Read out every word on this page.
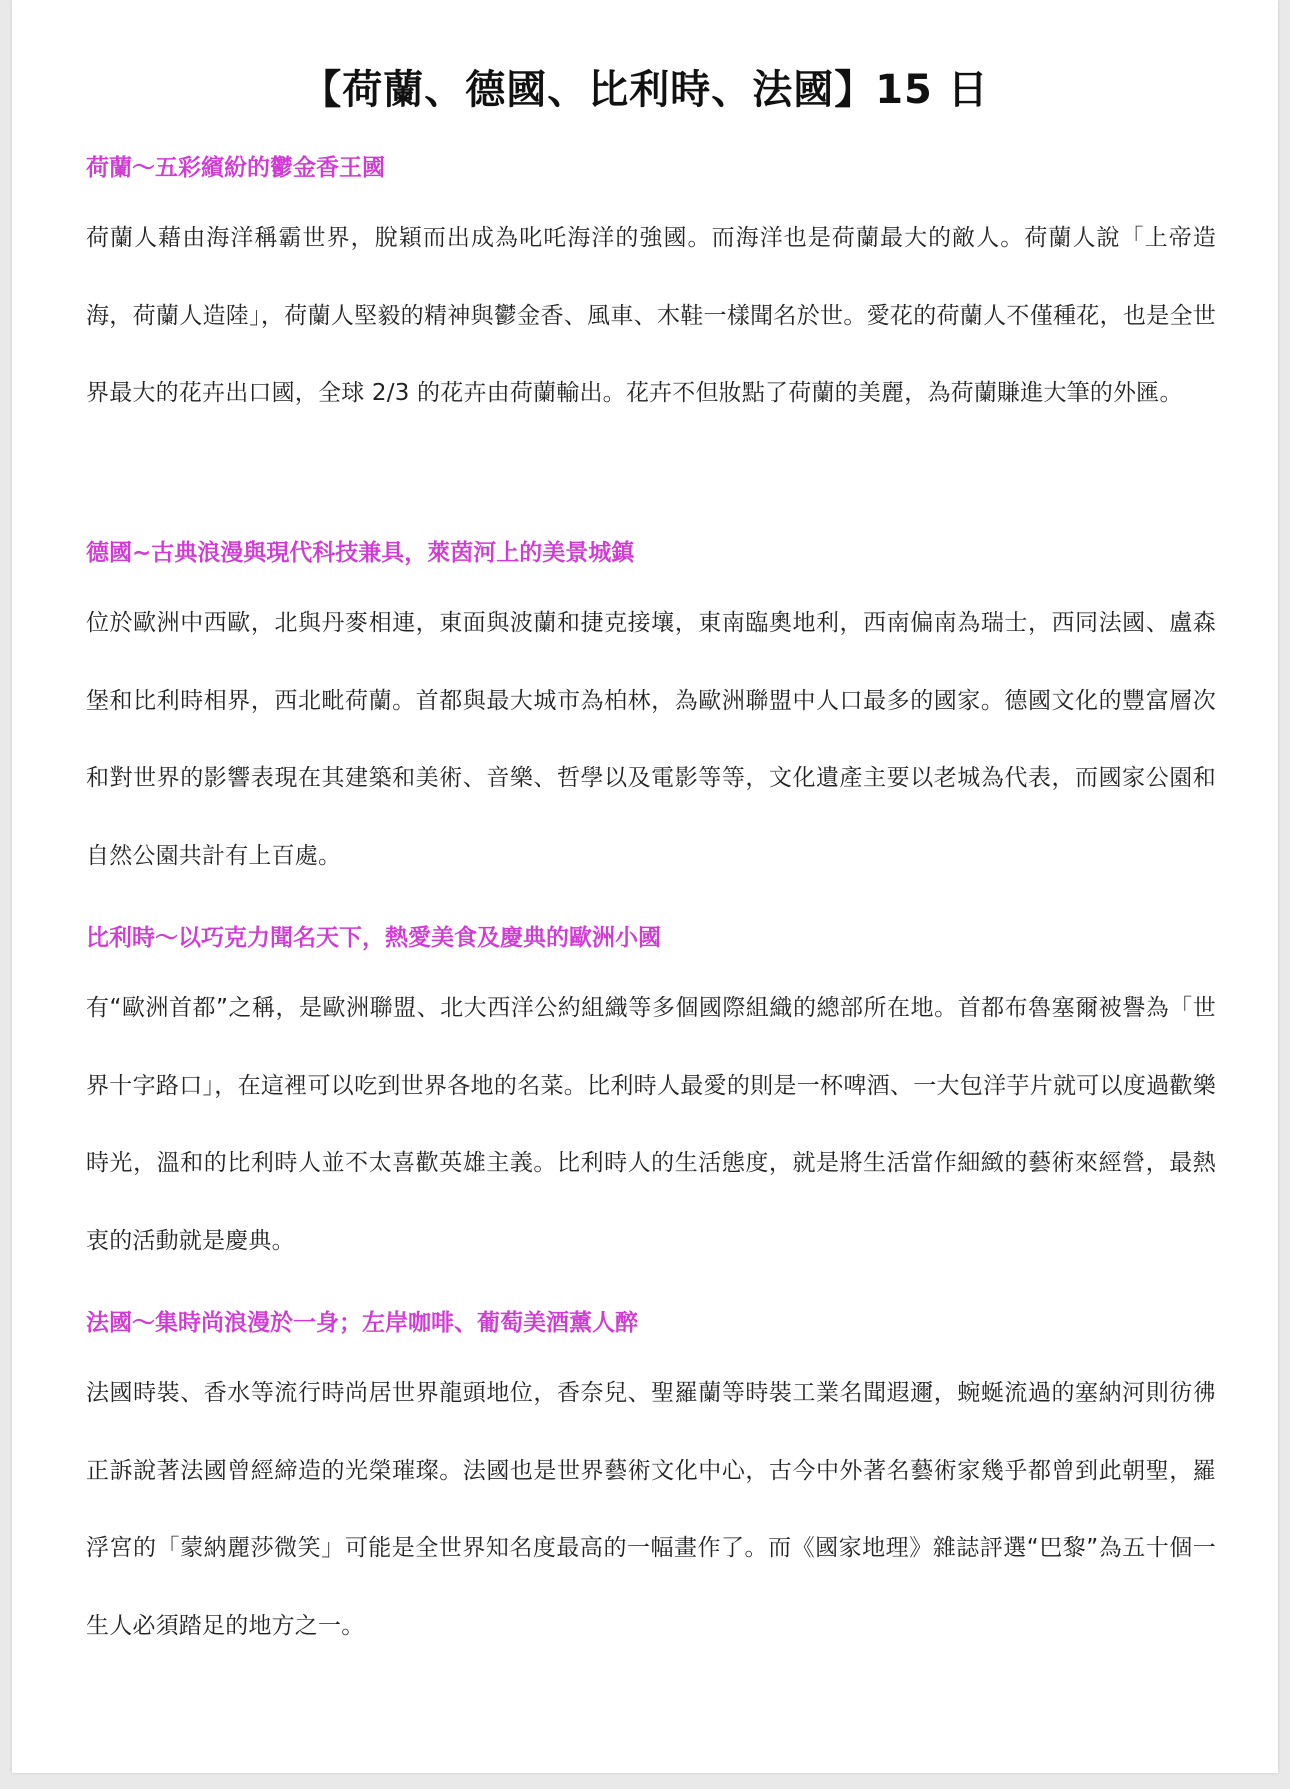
【荷蘭、德國、比利時、法國】15 日
荷蘭～五彩繽紛的鬱金香王國

荷蘭人藉由海洋稱霸世界，脫穎而出成為叱吒海洋的強國。而海洋也是荷蘭最大的敵人。荷蘭人說「上帝造海，荷蘭人造陸」，荷蘭人堅毅的精神與鬱金香、風車、木鞋一樣聞名於世。愛花的荷蘭人不僅種花，也是全世界最大的花卉出口國，全球 2/3 的花卉由荷蘭輸出。花卉不但妝點了荷蘭的美麗，為荷蘭賺進大筆的外匯。

德國~古典浪漫與現代科技兼具，萊茵河上的美景城鎮

位於歐洲中西歐，北與丹麥相連，東面與波蘭和捷克接壤，東南臨奧地利，西南偏南為瑞士，西同法國、盧森堡和比利時相界，西北毗荷蘭。首都與最大城市為柏林，為歐洲聯盟中人口最多的國家。德國文化的豐富層次和對世界的影響表現在其建築和美術、音樂、哲學以及電影等等，文化遺產主要以老城為代表，而國家公園和自然公園共計有上百處。

比利時～以巧克力聞名天下，熱愛美食及慶典的歐洲小國

有“歐洲首都”之稱，是歐洲聯盟、北大西洋公約組織等多個國際組織的總部所在地。首都布魯塞爾被譽為「世界十字路口」，在這裡可以吃到世界各地的名菜。比利時人最愛的則是一杯啤酒、一大包洋芋片就可以度過歡樂時光，溫和的比利時人並不太喜歡英雄主義。比利時人的生活態度，就是將生活當作細緻的藝術來經營，最熱衷的活動就是慶典。

法國～集時尚浪漫於一身；左岸咖啡、葡萄美酒薰人醉

法國時裝、香水等流行時尚居世界龍頭地位，香奈兒、聖羅蘭等時裝工業名聞遐邇，蜿蜒流過的塞納河則彷彿正訴說著法國曾經締造的光榮璀璨。法國也是世界藝術文化中心，古今中外著名藝術家幾乎都曾到此朝聖，羅浮宮的「蒙納麗莎微笑」可能是全世界知名度最高的一幅畫作了。而《國家地理》雜誌評選“巴黎”為五十個一生人必須踏足的地方之一。
